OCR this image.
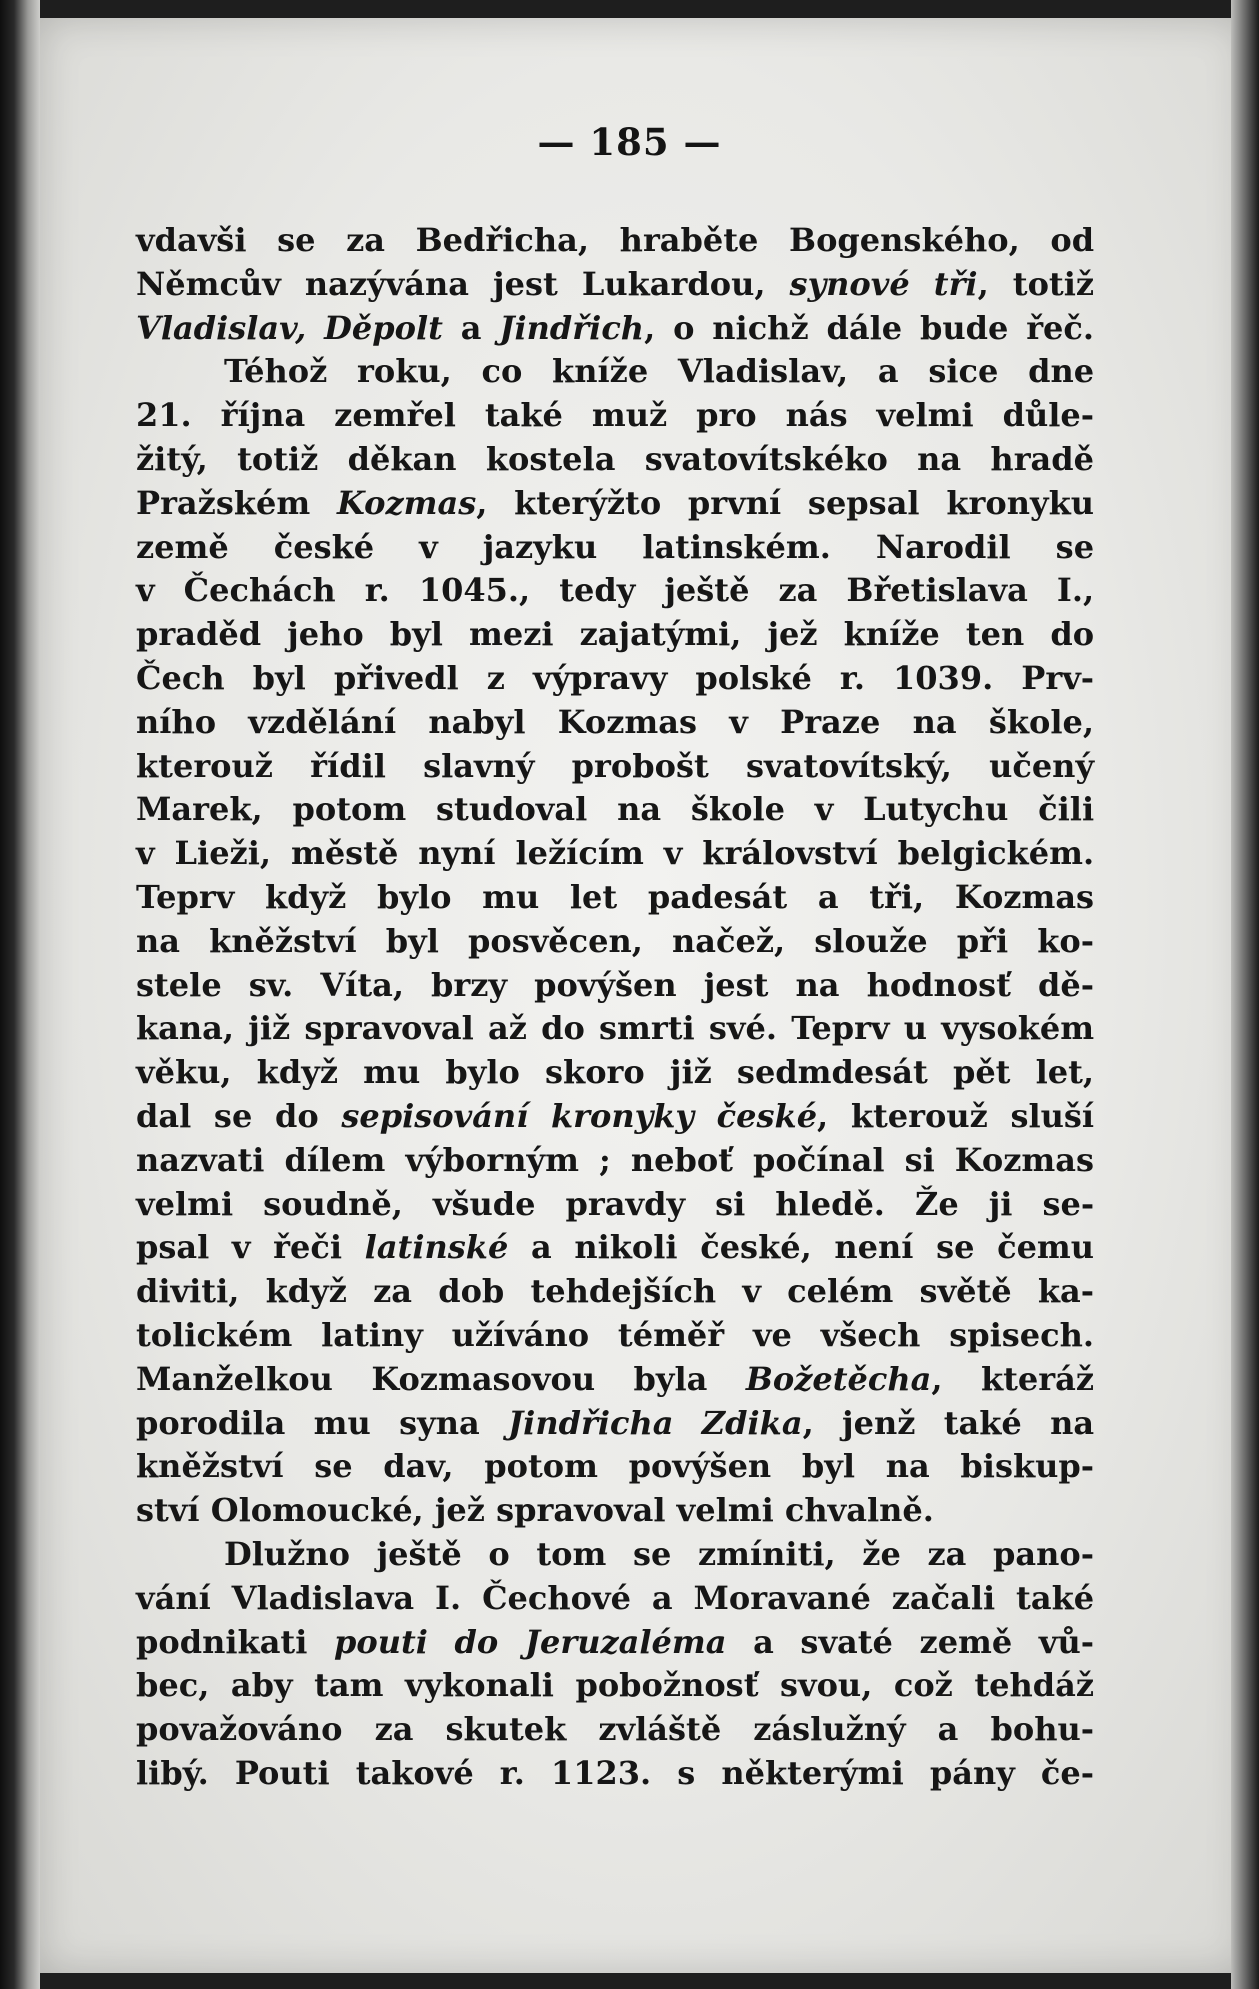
— 185 —
vdavši se za Bedřicha, hraběte Bogenského, od
Němcův nazývána jest Lukardou, synové tři, totiž
Vladislav, Děpolt a Jindřich, o nichž dále bude řeč.
Téhož roku, co kníže Vladislav, a sice dne
21. října zemřel také muž pro nás velmi důle-
žitý, totiž děkan kostela svatovítskéko na hradě
Pražském Kozmas, kterýžto první sepsal kronyku
země české v jazyku latinském. Narodil se
v Čechách r. 1045., tedy ještě za Břetislava I.,
praděd jeho byl mezi zajatými, jež kníže ten do
Čech byl přivedl z výpravy polské r. 1039. Prv-
ního vzdělání nabyl Kozmas v Praze na škole,
kterouž řídil slavný probošt svatovítský, učený
Marek, potom studoval na škole v Lutychu čili
v Lieži, městě nyní ležícím v království belgickém.
Teprv když bylo mu let padesát a tři, Kozmas
na kněžství byl posvěcen, načež, slouže při ko-
stele sv. Víta, brzy povýšen jest na hodnosť dě-
kana, již spravoval až do smrti své. Teprv u vysokém
věku, když mu bylo skoro již sedmdesát pět let,
dal se do sepisování kronyky české, kterouž sluší
nazvati dílem výborným ; neboť počínal si Kozmas
velmi soudně, všude pravdy si hledě. Že ji se-
psal v řeči latinské a nikoli české, není se čemu
diviti, když za dob tehdejších v celém světě ka-
tolickém latiny užíváno téměř ve všech spisech.
Manželkou Kozmasovou byla Božetěcha, kteráž
porodila mu syna Jindřicha Zdika, jenž také na
kněžství se dav, potom povýšen byl na biskup-
ství Olomoucké, jež spravoval velmi chvalně.
Dlužno ještě o tom se zmíniti, že za pano-
vání Vladislava I. Čechové a Moravané začali také
podnikati pouti do Jeruzaléma a svaté země vů-
bec, aby tam vykonali pobožnosť svou, což tehdáž
považováno za skutek zvláště záslužný a bohu-
libý. Pouti takové r. 1123. s některými pány če-
